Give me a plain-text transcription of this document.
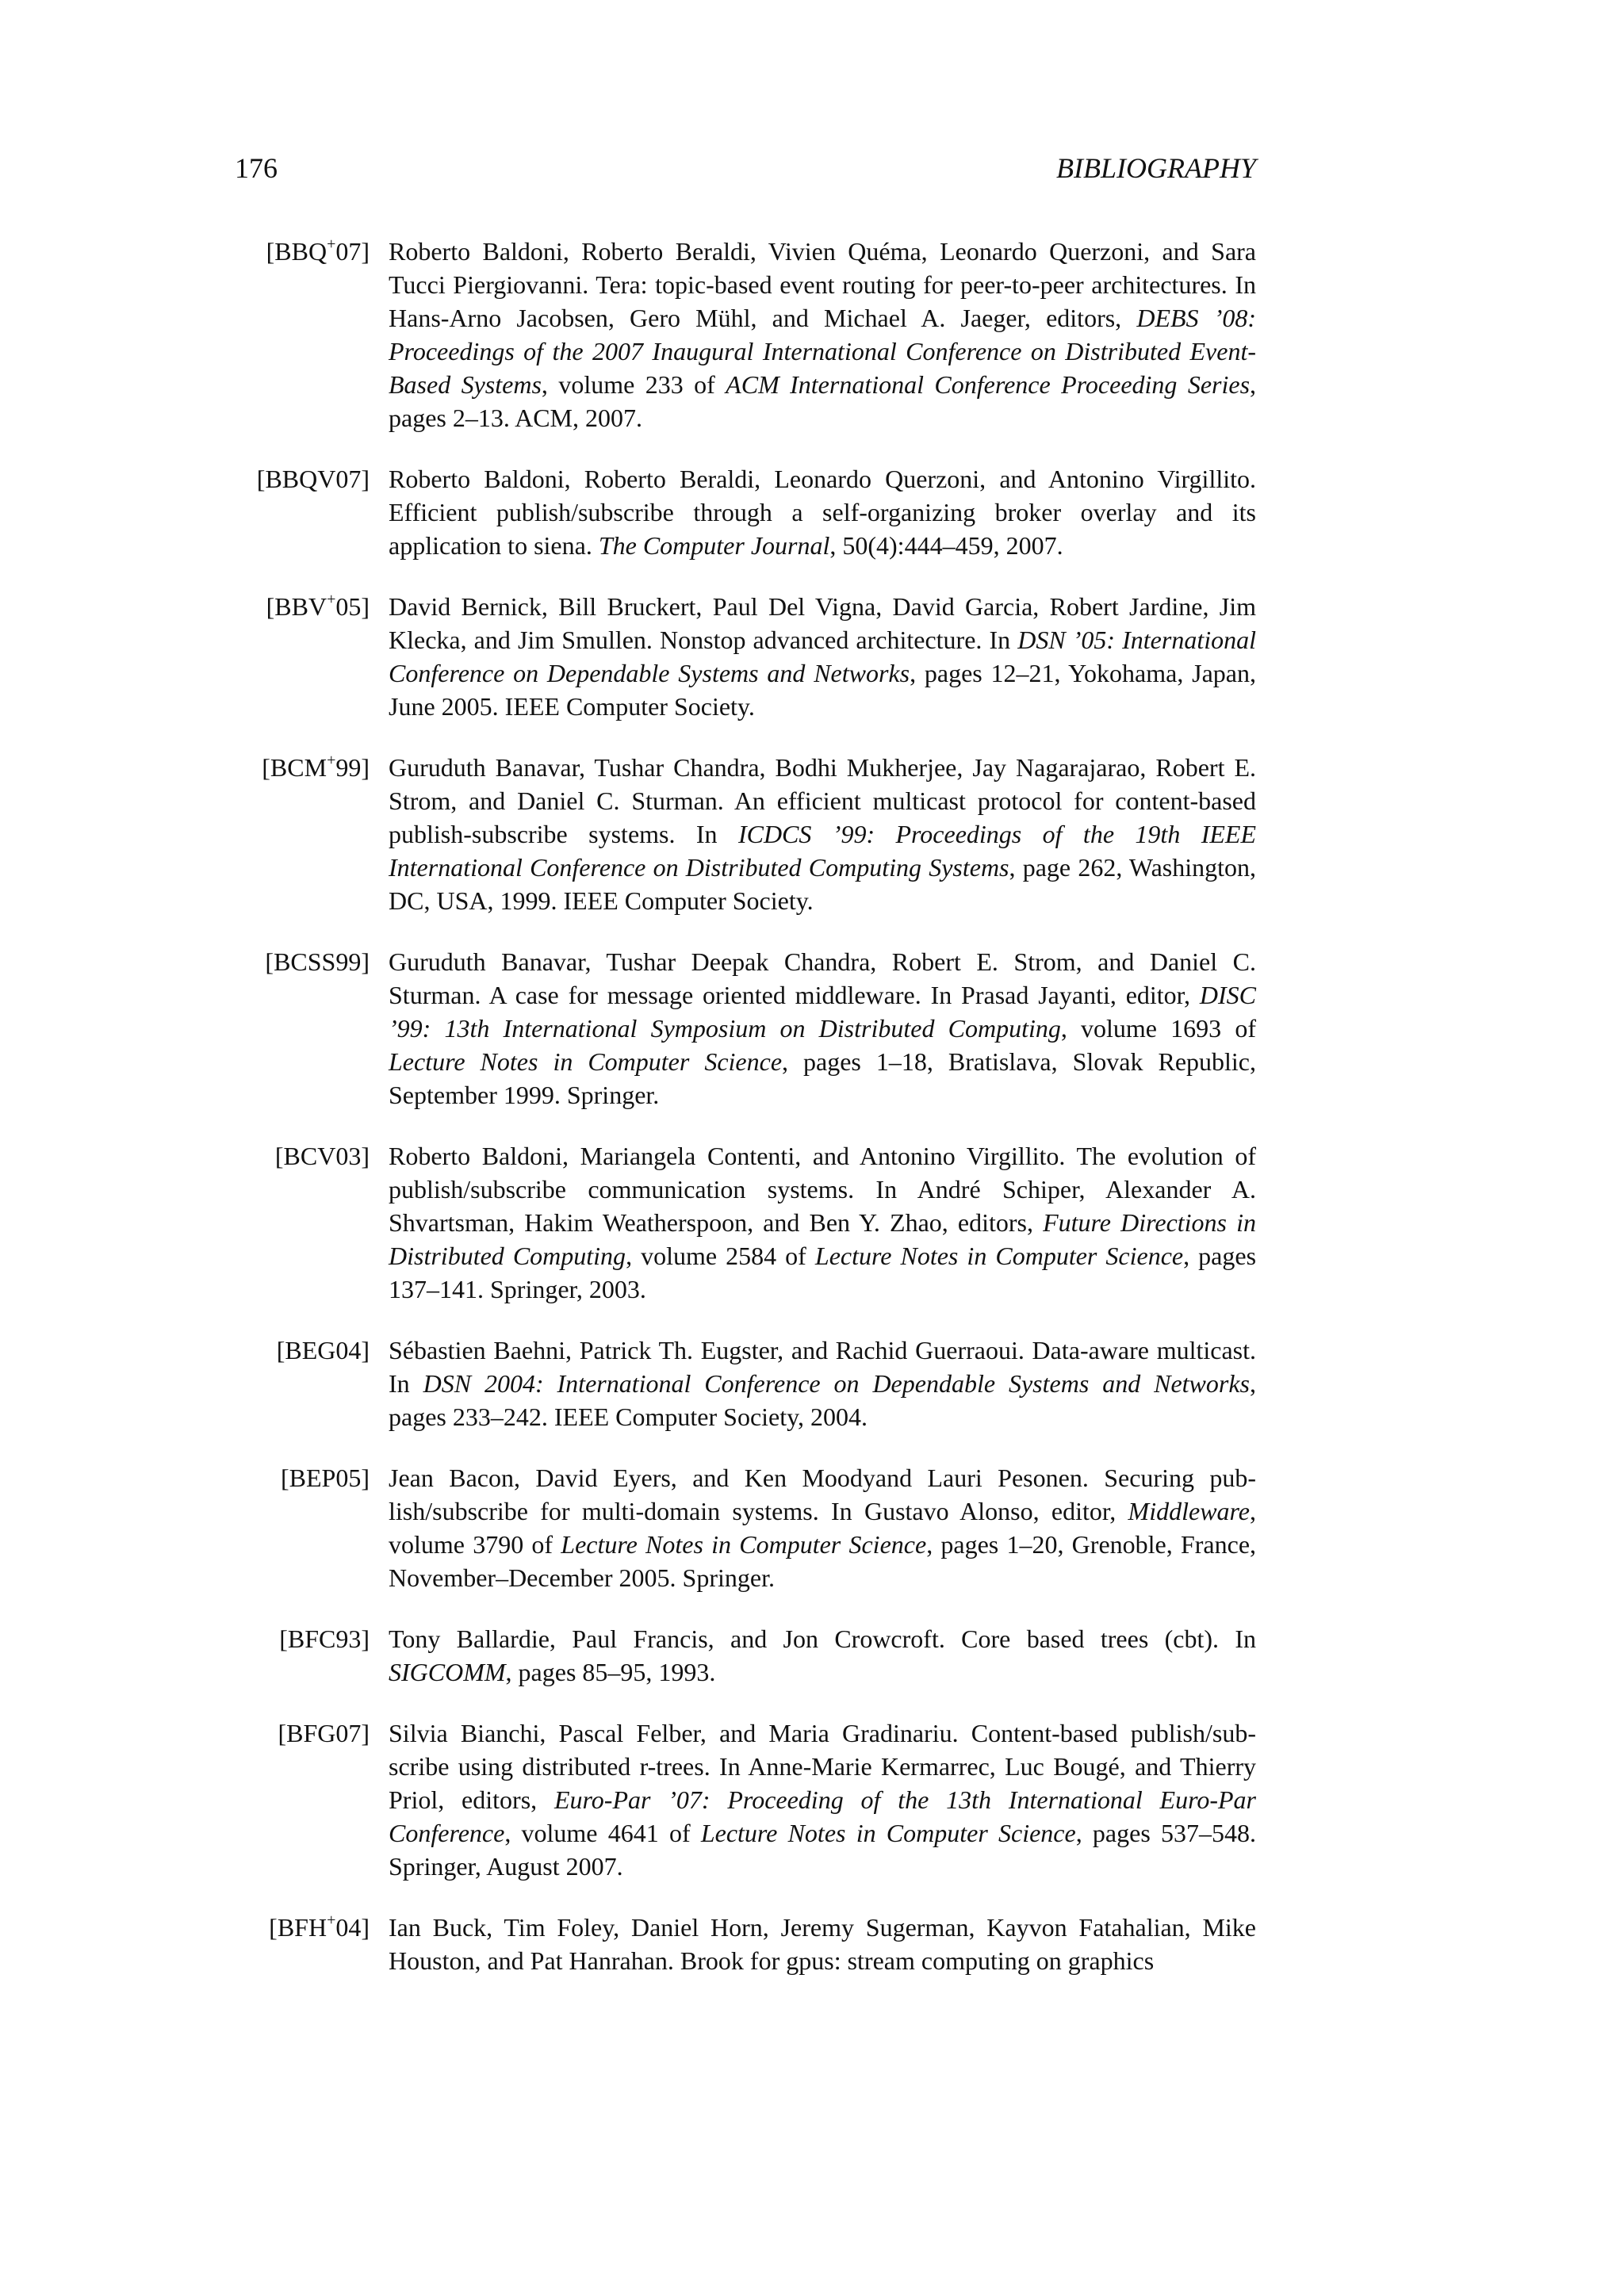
176	BIBLIOGRAPHY
[BBQ+07] Roberto Baldoni, Roberto Beraldi, Vivien Quéma, Leonardo Querzoni, and Sara Tucci Piergiovanni. Tera: topic-based event routing for peer-to-peer architectures. In Hans-Arno Jacobsen, Gero Mühl, and Michael A. Jaeger, editors, DEBS ’08: Proceedings of the 2007 Inaugural International Conference on Distributed Event-Based Systems, volume 233 of ACM International Conference Proceeding Series, pages 2–13. ACM, 2007.
[BBQV07] Roberto Baldoni, Roberto Beraldi, Leonardo Querzoni, and Antonino Virgillito. Efficient publish/subscribe through a self-organizing broker overlay and its application to siena. The Computer Journal, 50(4):444–459, 2007.
[BBV+05] David Bernick, Bill Bruckert, Paul Del Vigna, David Garcia, Robert Jardine, Jim Klecka, and Jim Smullen. Nonstop advanced architecture. In DSN ’05: International Conference on Dependable Systems and Networks, pages 12–21, Yokohama, Japan, June 2005. IEEE Computer Society.
[BCM+99] Guruduth Banavar, Tushar Chandra, Bodhi Mukherjee, Jay Nagarajarao, Robert E. Strom, and Daniel C. Sturman. An efficient multicast protocol for content-based publish-subscribe systems. In ICDCS ’99: Proceedings of the 19th IEEE International Conference on Distributed Computing Systems, page 262, Washington, DC, USA, 1999. IEEE Computer Society.
[BCSS99] Guruduth Banavar, Tushar Deepak Chandra, Robert E. Strom, and Daniel C. Sturman. A case for message oriented middleware. In Prasad Jayanti, editor, DISC ’99: 13th International Symposium on Distributed Computing, volume 1693 of Lecture Notes in Computer Science, pages 1–18, Bratislava, Slovak Republic, September 1999. Springer.
[BCV03] Roberto Baldoni, Mariangela Contenti, and Antonino Virgillito. The evolution of publish/subscribe communication systems. In André Schiper, Alexander A. Shvartsman, Hakim Weatherspoon, and Ben Y. Zhao, editors, Future Directions in Distributed Computing, volume 2584 of Lecture Notes in Computer Science, pages 137–141. Springer, 2003.
[BEG04] Sébastien Baehni, Patrick Th. Eugster, and Rachid Guerraoui. Data-aware multicast. In DSN 2004: International Conference on Dependable Systems and Networks, pages 233–242. IEEE Computer Society, 2004.
[BEP05] Jean Bacon, David Eyers, and Ken Moodyand Lauri Pesonen. Securing publish/subscribe for multi-domain systems. In Gustavo Alonso, editor, Middleware, volume 3790 of Lecture Notes in Computer Science, pages 1–20, Grenoble, France, November–December 2005. Springer.
[BFC93] Tony Ballardie, Paul Francis, and Jon Crowcroft. Core based trees (cbt). In SIGCOMM, pages 85–95, 1993.
[BFG07] Silvia Bianchi, Pascal Felber, and Maria Gradinariu. Content-based publish/subscribe using distributed r-trees. In Anne-Marie Kermarrec, Luc Bougé, and Thierry Priol, editors, Euro-Par ’07: Proceeding of the 13th International Euro-Par Conference, volume 4641 of Lecture Notes in Computer Science, pages 537–548. Springer, August 2007.
[BFH+04] Ian Buck, Tim Foley, Daniel Horn, Jeremy Sugerman, Kayvon Fatahalian, Mike Houston, and Pat Hanrahan. Brook for gpus: stream computing on graphics
